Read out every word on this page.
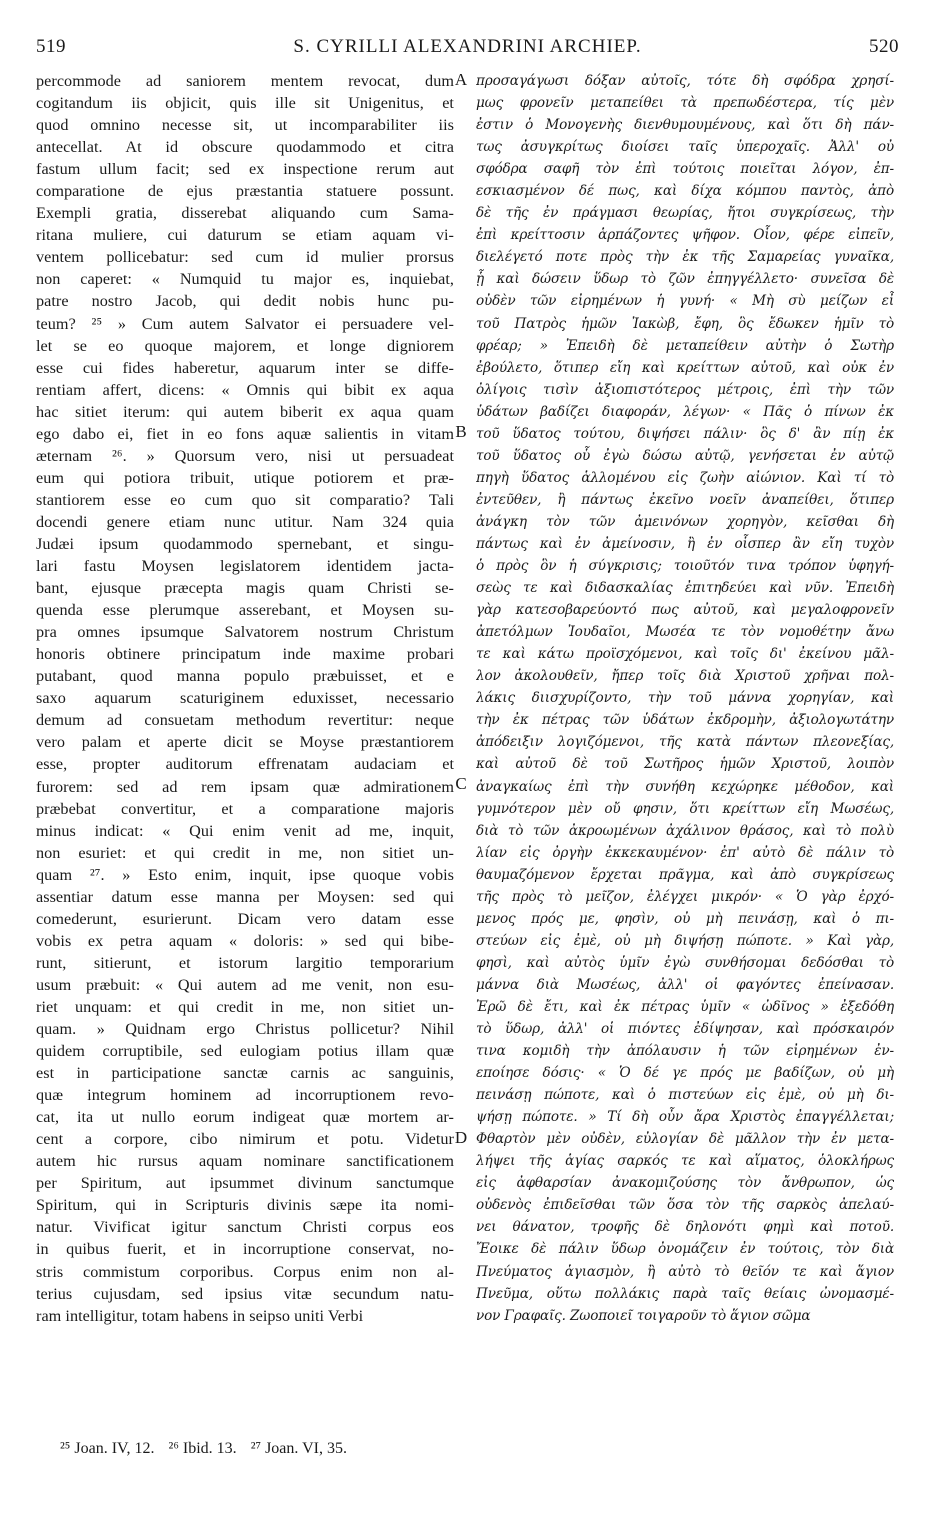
519	S. CYRILLI ALEXANDRINI ARCHIEP.	520
percommode ad saniorem mentem revocat, dum
cogitandum iis objicit, quis ille sit Unigenitus, et
quod omnino necesse sit, ut incomparabiliter iis
antecellat. At id obscure quodammodo et citra
fastum ullum facit; sed ex inspectione rerum aut
comparatione de ejus præstantia statuere possunt.
Exempli gratia, disserebat aliquando cum Sama-
ritana muliere, cui daturum se etiam aquam vi-
ventem pollicebatur: sed cum id mulier prorsus
non caperet: « Numquid tu major es, inquiebat,
patre nostro Jacob, qui dedit nobis hunc pu-
teum? ²⁵ » Cum autem Salvator ei persuadere vel-
let se eo quoque majorem, et longe digniorem
esse cui fides haberetur, aquarum inter se diffe-
rentiam affert, dicens: « Omnis qui bibit ex aqua
hac sitiet iterum: qui autem biberit ex aqua quam
ego dabo ei, fiet in eo fons aquæ salientis in vitam
æternam ²⁶. » Quorsum vero, nisi ut persuadeat
eum qui potiora tribuit, utique potiorem et præ-
stantiorem esse eo cum quo sit comparatio? Tali
docendi genere etiam nunc utitur. Nam 324 quia
Judæi ipsum quodammodo spernebant, et singu-
lari fastu Moysen legislatorem identidem jacta-
bant, ejusque præcepta magis quam Christi se-
quenda esse plerumque asserebant, et Moysen su-
pra omnes ipsumque Salvatorem nostrum Christum
honoris obtinere principatum inde maxime probari
putabant, quod manna populo præbuisset, et e
saxo aquarum scaturiginem eduxisset, necessario
demum ad consuetam methodum revertitur: neque
vero palam et aperte dicit se Moyse præstantiorem
esse, propter auditorum effrenatam audaciam et
furorem: sed ad rem ipsam quæ admirationem
præbebat convertitur, et a comparatione majoris
minus indicat: « Qui enim venit ad me, inquit,
non esuriet: et qui credit in me, non sitiet un-
quam ²⁷. » Esto enim, inquit, ipse quoque vobis
assentiar datum esse manna per Moysen: sed qui
comederunt, esurierunt. Dicam vero datam esse
vobis ex petra aquam « doloris: » sed qui bibe-
runt, sitierunt, et istorum largitio temporarium
usum præbuit: « Qui autem ad me venit, non esu-
riet unquam: et qui credit in me, non sitiet un-
quam. » Quidnam ergo Christus pollicetur? Nihil
quidem corruptibile, sed eulogiam potius illam quæ
est in participatione sanctæ carnis ac sanguinis,
quæ integrum hominem ad incorruptionem revo-
cat, ita ut nullo eorum indigeat quæ mortem ar-
cent a corpore, cibo nimirum et potu. Videtur
autem hic rursus aquam nominare sanctificationem
per Spiritum, aut ipsummet divinum sanctumque
Spiritum, qui in Scripturis divinis sæpe ita nomi-
natur. Vivificat igitur sanctum Christi corpus eos
in quibus fuerit, et in incorruptione conservat, no-
stris commistum corporibus. Corpus enim non al-
terius cujusdam, sed ipsius vitæ secundum natu-
ram intelligitur, totam habens in seipso uniti Verbi
προσαγάγωσι δόξαν αὐτοῖς, τότε δὴ σφόδρα χρησί-
μως φρονεῖν μεταπείθει τὰ πρεπωδέστερα, τίς μὲν
ἐστιν ὁ Μονογενὴς διενθυμουμένους, καὶ ὅτι δὴ πάν-
τως ἀσυγκρίτως διοίσει ταῖς ὑπεροχαῖς. Ἀλλ' οὐ
σφόδρα σαφῆ τὸν ἐπὶ τούτοις ποιεῖται λόγον, ἐπ-
εσκιασμένον δέ πως, καὶ δίχα κόμπου παντὸς, ἀπὸ
δὲ τῆς ἐν πράγμασι θεωρίας, ἤτοι συγκρίσεως, τὴν
ἐπὶ κρείττοσιν ἁρπάζοντες ψῆφον. Οἷον, φέρε εἰπεῖν,
διελέγετό ποτε πρὸς τὴν ἐκ τῆς Σαμαρείας γυναῖκα,
ᾗ καὶ δώσειν ὕδωρ τὸ ζῶν ἐπηγγέλλετο· συνεῖσα δὲ
οὐδὲν τῶν εἰρημένων ἡ γυνή· « Μὴ σὺ μείζων εἶ
τοῦ Πατρὸς ἡμῶν Ἰακὼβ, ἔφη, ὃς ἔδωκεν ἡμῖν τὸ
φρέαρ; » Ἐπειδὴ δὲ μεταπείθειν αὐτὴν ὁ Σωτὴρ
ἐβούλετο, ὅτιπερ εἴη καὶ κρείττων αὐτοῦ, καὶ οὐκ ἐν
ὀλίγοις τισὶν ἀξιοπιστότερος μέτροις, ἐπὶ τὴν τῶν
ὑδάτων βαδίζει διαφοράν, λέγων· « Πᾶς ὁ πίνων ἐκ
τοῦ ὕδατος τούτου, διψήσει πάλιν· ὃς δ' ἂν πίῃ ἐκ
τοῦ ὕδατος οὗ ἐγὼ δώσω αὐτῷ, γενήσεται ἐν αὐτῷ
πηγὴ ὕδατος ἁλλομένου εἰς ζωὴν αἰώνιον. Καὶ τί τὸ
ἐντεῦθεν, ἢ πάντως ἐκεῖνο νοεῖν ἀναπείθει, ὅτιπερ
ἀνάγκη τὸν τῶν ἀμεινόνων χορηγὸν, κεῖσθαι δὴ
πάντως καὶ ἐν ἀμείνοσιν, ἢ ἐν οἷσπερ ἂν εἴη τυχὸν
ὁ πρὸς ὃν ἡ σύγκρισις; τοιοῦτόν τινα τρόπον ὑφηγή-
σεὼς τε καὶ διδασκαλίας ἐπιτηδεύει καὶ νῦν. Ἐπειδὴ
γὰρ κατεσοβαρεύοντό πως αὐτοῦ, καὶ μεγαλοφρονεῖν
ἀπετόλμων Ἰουδαῖοι, Μωσέα τε τὸν νομοθέτην ἄνω
τε καὶ κάτω προϊσχόμενοι, καὶ τοῖς δι' ἐκείνου μᾶλ-
λον ἀκολουθεῖν, ἤπερ τοῖς διὰ Χριστοῦ χρῆναι πολ-
λάκις διισχυρίζοντο, τὴν τοῦ μάννα χορηγίαν, καὶ
τὴν ἐκ πέτρας τῶν ὑδάτων ἐκδρομὴν, ἀξιολογωτάτην
ἀπόδειξιν λογιζόμενοι, τῆς κατὰ πάντων πλεονεξίας,
καὶ αὐτοῦ δὲ τοῦ Σωτῆρος ἡμῶν Χριστοῦ, λοιπὸν
ἀναγκαίως ἐπὶ τὴν συνήθη κεχώρηκε μέθοδον, καὶ
γυμνότερον μὲν οὔ φησιν, ὅτι κρείττων εἴη Μωσέως,
διὰ τὸ τῶν ἀκροωμένων ἀχάλινον θράσος, καὶ τὸ πολὺ
λίαν εἰς ὀργὴν ἐκκεκαυμένον· ἐπ' αὐτὸ δὲ πάλιν τὸ
θαυμαζόμενον ἔρχεται πρᾶγμα, καὶ ἀπὸ συγκρίσεως
τῆς πρὸς τὸ μεῖζον, ἐλέγχει μικρόν· « Ὁ γὰρ ἐρχό-
μενος πρός με, φησὶν, οὐ μὴ πεινάσῃ, καὶ ὁ πι-
στεύων εἰς ἐμὲ, οὐ μὴ διψήσῃ πώποτε. » Καὶ γὰρ,
φησὶ, καὶ αὐτὸς ὑμῖν ἐγὼ συνθήσομαι δεδόσθαι τὸ
μάννα διὰ Μωσέως, ἀλλ' οἱ φαγόντες ἐπείνασαν.
Ἐρῶ δὲ ἔτι, καὶ ἐκ πέτρας ὑμῖν « ὠδῖνος » ἐξεδόθη
τὸ ὕδωρ, ἀλλ' οἱ πιόντες ἐδίψησαν, καὶ πρόσκαιρόν
τινα κομιδὴ τὴν ἀπόλαυσιν ἡ τῶν εἰρημένων ἐν-
εποίησε δόσις· « Ὁ δέ γε πρός με βαδίζων, οὐ μὴ
πεινάσῃ πώποτε, καὶ ὁ πιστεύων εἰς ἐμὲ, οὐ μὴ δι-
ψήσῃ πώποτε. » Τί δὴ οὖν ἄρα Χριστὸς ἐπαγγέλλεται;
Φθαρτὸν μὲν οὐδὲν, εὐλογίαν δὲ μᾶλλον τὴν ἐν μετα-
λήψει τῆς ἁγίας σαρκός τε καὶ αἵματος, ὁλοκλήρως
εἰς ἀφθαρσίαν ἀνακομιζούσης τὸν ἄνθρωπον, ὡς
οὐδενὸς ἐπιδεῖσθαι τῶν ὅσα τὸν τῆς σαρκὸς ἀπελαύ-
νει θάνατον, τροφῆς δὲ δηλονότι φημὶ καὶ ποτοῦ.
Ἔοικε δὲ πάλιν ὕδωρ ὀνομάζειν ἐν τούτοις, τὸν διὰ
Πνεύματος ἁγιασμὸν, ἢ αὐτὸ τὸ θεῖόν τε καὶ ἅγιον
Πνεῦμα, οὕτω πολλάκις παρὰ ταῖς θείαις ὠνομασμέ-
νον Γραφαῖς. Ζωοποιεῖ τοιγαροῦν τὸ ἅγιον σῶμα
A
B
C
D
²⁵ Joan. IV, 12. ²⁶ Ibid. 13. ²⁷ Joan. VI, 35.
